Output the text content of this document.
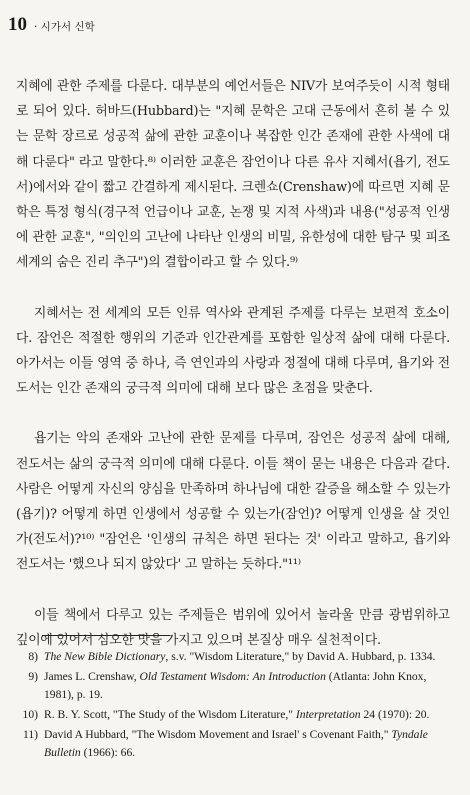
10 · 시가서 신학

지혜에 관한 주제를 다룬다. 대부분의 예언서들은 NIV가 보여주듯이 시적 형태로 되어 있다. 허바드(Hubbard)는 "지혜 문학은 고대 근동에서 흔히 볼 수 있는 문학 장르로 성공적 삶에 관한 교훈이나 복잡한 인간 존재에 관한 사색에 대해 다룬다" 라고 말한다.⁸⁾ 이러한 교훈은 잠언이나 다른 유사 지혜서(욥기, 전도서)에서와 같이 짧고 간결하게 제시된다. 크렌쇼(Crenshaw)에 따르면 지혜 문학은 특정 형식(경구적 언급이나 교훈, 논쟁 및 지적 사색)과 내용("성공적 인생에 관한 교훈", "의인의 고난에 나타난 인생의 비밀, 유한성에 대한 탐구 및 피조 세계의 숨은 진리 추구")의 결합이라고 할 수 있다.⁹⁾

지혜서는 전 세계의 모든 인류 역사와 관계된 주제를 다루는 보편적 호소이다. 잠언은 적절한 행위의 기준과 인간관계를 포함한 일상적 삶에 대해 다룬다. 아가서는 이들 영역 중 하나, 즉 연인과의 사랑과 정절에 대해 다루며, 욥기와 전도서는 인간 존재의 궁극적 의미에 대해 보다 많은 초점을 맞춘다.

욥기는 악의 존재와 고난에 관한 문제를 다루며, 잠언은 성공적 삶에 대해, 전도서는 삶의 궁극적 의미에 대해 다룬다. 이들 책이 묻는 내용은 다음과 같다. 사람은 어떻게 자신의 양심을 만족하며 하나님에 대한 갈증을 해소할 수 있는가(욥기)? 어떻게 하면 인생에서 성공할 수 있는가(잠언)? 어떻게 인생을 살 것인가(전도서)?¹⁰⁾ "잠언은 '인생의 규칙은 하면 된다는 것' 이라고 말하고, 욥기와 전도서는 '했으나 되지 않았다' 고 말하는 듯하다."¹¹⁾

이들 책에서 다루고 있는 주제들은 범위에 있어서 놀라울 만큼 광범위하고 깊이에 있어서 심오한 맛을 가지고 있으며 본질상 매우 실천적이다.

8) The New Bible Dictionary, s.v. "Wisdom Literature," by David A. Hubbard, p. 1334.
9) James L. Crenshaw, Old Testament Wisdom: An Introduction (Atlanta: John Knox, 1981), p. 19.
10) R. B. Y. Scott, "The Study of the Wisdom Literature," Interpretation 24 (1970): 20.
11) David A Hubbard, "The Wisdom Movement and Israel' s Covenant Faith," Tyndale Bulletin (1966): 66.
